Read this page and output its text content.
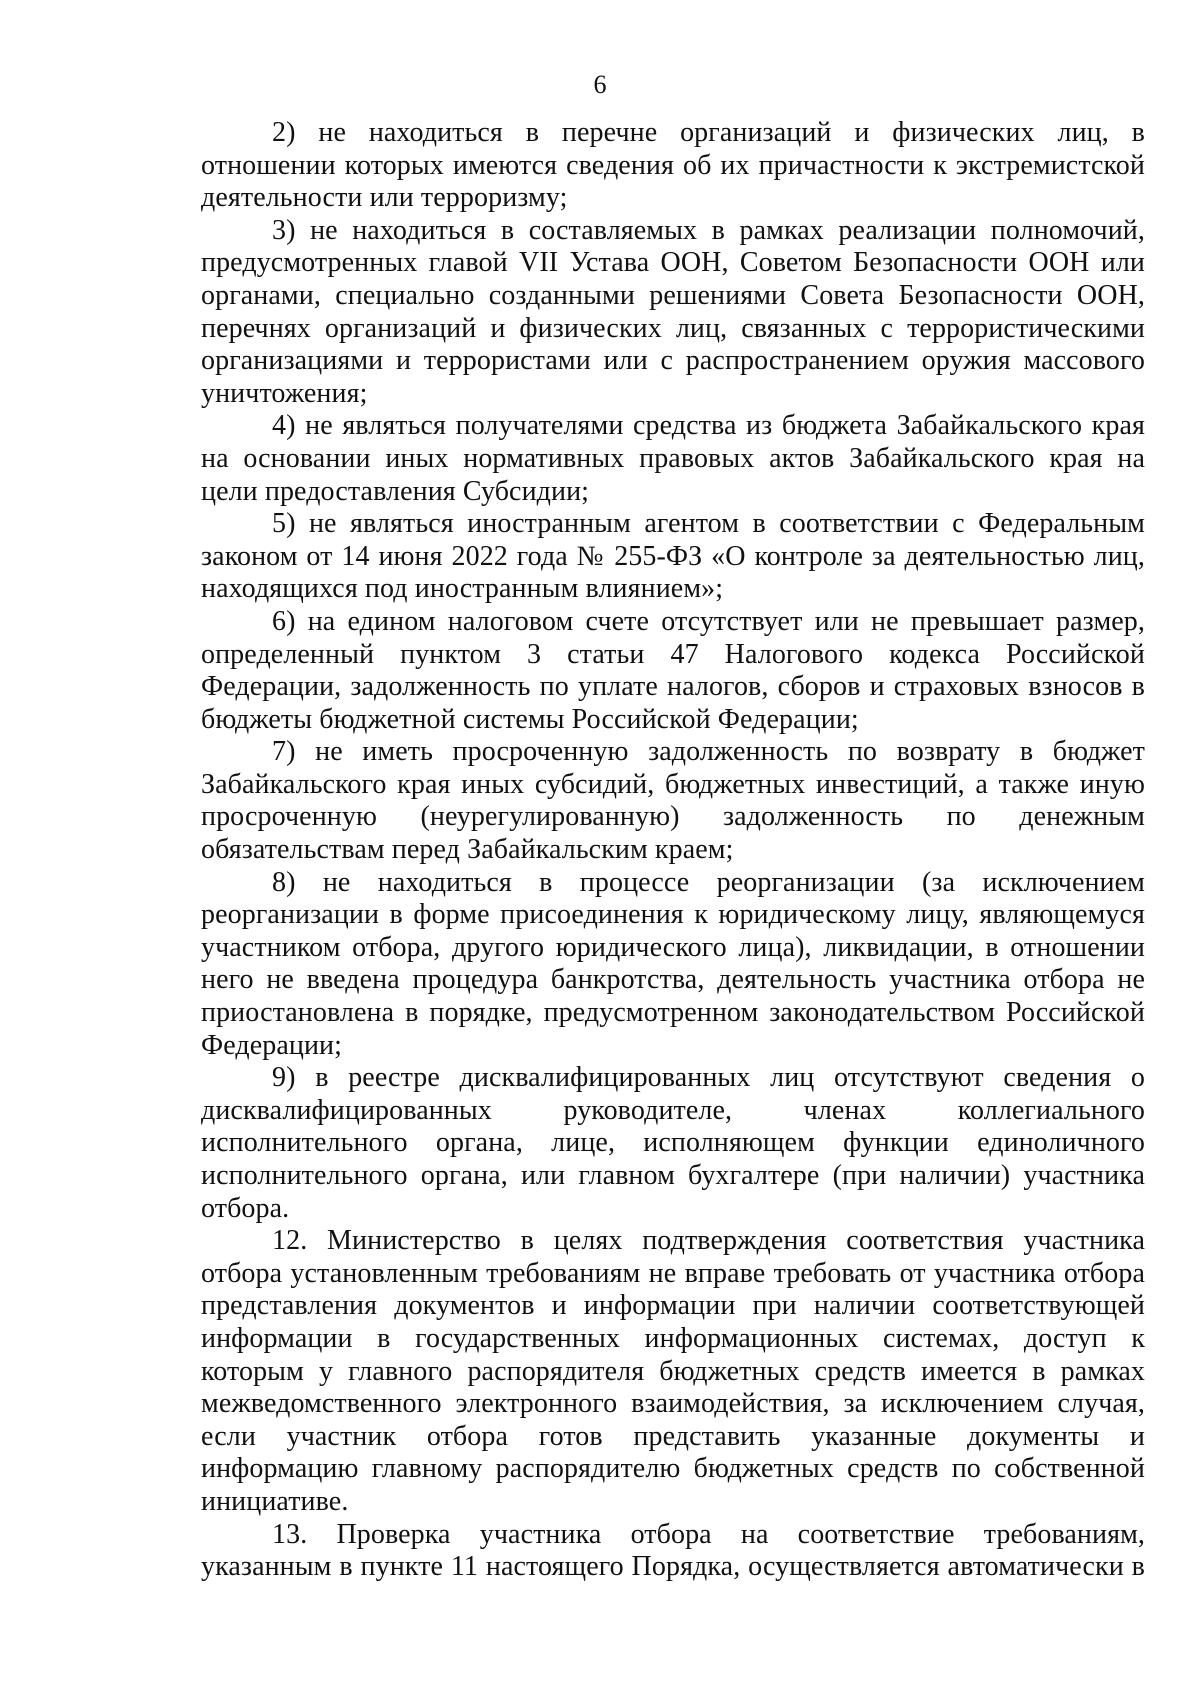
6

2) не находиться в перечне организаций и физических лиц, в
отношении которых имеются сведения об их причастности к экстремистской
деятельности или терроризму;

3) не находиться в составляемых в рамках реализации полномочий,
предусмотренных главой VII Устава ООН, Советом Безопасности ООН или
органами, специально созданными решениями Совета Безопасности ООН,
перечнях организаций и физических лиц, связанных с террористическими
организациями и террористами или с распространением оружия массового
уничтожения;

4) не являться получателями средства из бюджета Забайкальского края
на основании иных нормативных правовых актов Забайкальского края на
цели предоставления Субсидии;

5) не являться иностранным агентом в соответствии с Федеральным
законом от 14 июня 2022 года № 255-ФЗ «О контроле за деятельностью лиц,
находящихся под иностранным влиянием»;

6) на едином налоговом счете отсутствует или не превышает размер,
определенный пунктом 3 статьи 47 Налогового кодекса Российской
Федерации, задолженность по уплате налогов, сборов и страховых взносов в
бюджеты бюджетной системы Российской Федерации;

7) не иметь просроченную задолженность по возврату в бюджет
Забайкальского края иных субсидий, бюджетных инвестиций, а также иную
просроченную (неурегулированную) задолженность по денежным
обязательствам перед Забайкальским краем;

8) не находиться в процессе реорганизации (за исключением
реорганизации в форме присоединения к юридическому лицу, являющемуся
участником отбора, другого юридического лица), ликвидации, в отношении
него не введена процедура банкротства, деятельность участника отбора не
приостановлена в порядке, предусмотренном законодательством Российской
Федерации;

9) в реестре дисквалифицированных лиц отсутствуют сведения о
дисквалифицированных руководителе, членах коллегиального
исполнительного органа, лице, исполняющем функции единоличного
исполнительного органа, или главном бухгалтере (при наличии) участника
отбора.

12. Министерство в целях подтверждения соответствия участника
отбора установленным требованиям не вправе требовать от участника отбора
представления документов и информации при наличии соответствующей
информации в государственных информационных системах, доступ к
которым у главного распорядителя бюджетных средств имеется в рамках
межведомственного электронного взаимодействия, за исключением случая,
если участник отбора готов представить указанные документы и
информацию главному распорядителю бюджетных средств по собственной
инициативе.

13. Проверка участника отбора на соответствие требованиям,
указанным в пункте 11 настоящего Порядка, осуществляется автоматически в
